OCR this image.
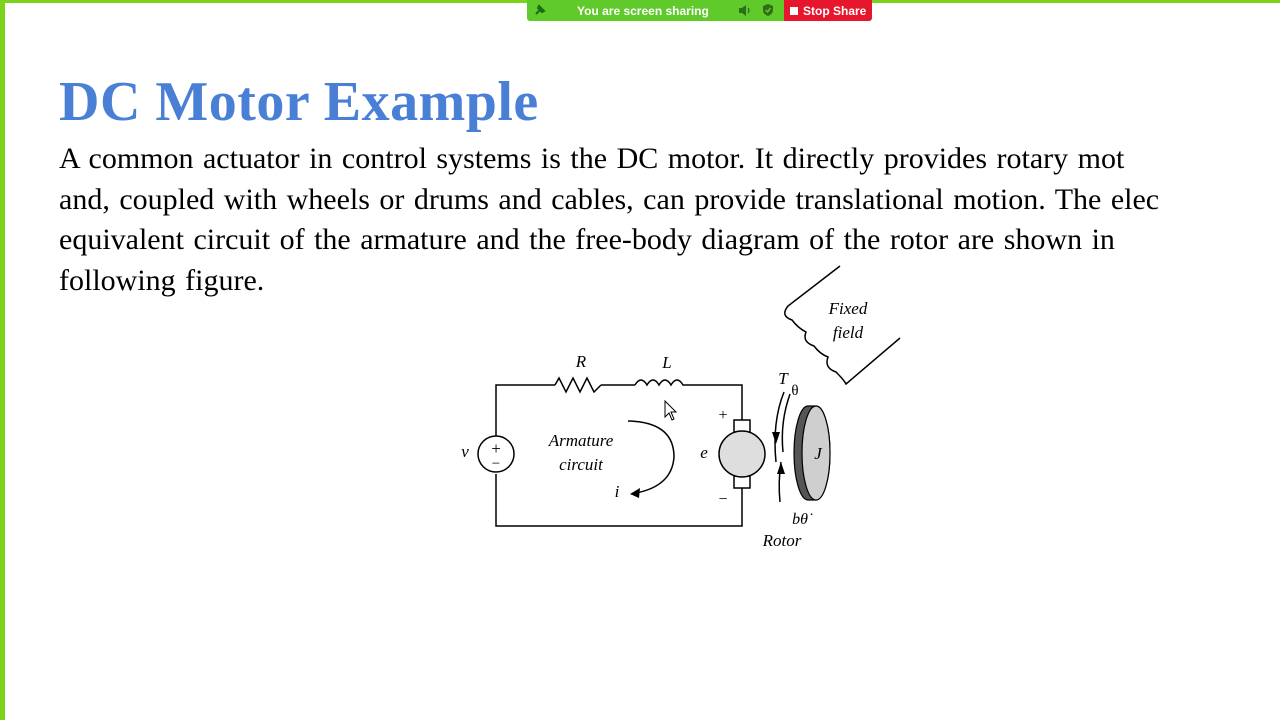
You are screen sharing	Stop Share
DC Motor Example
A common actuator in control systems is the DC motor. It directly provides rotary mot
and, coupled with wheels or drums and cables, can provide translational motion. The elec
equivalent circuit of the armature and the free-body diagram of the rotor are shown in
following figure.
+
−
v
R	L
Armature
circuit
i
e
+
−
T
θ
J
bθ̇
Rotor
Fixed
field
